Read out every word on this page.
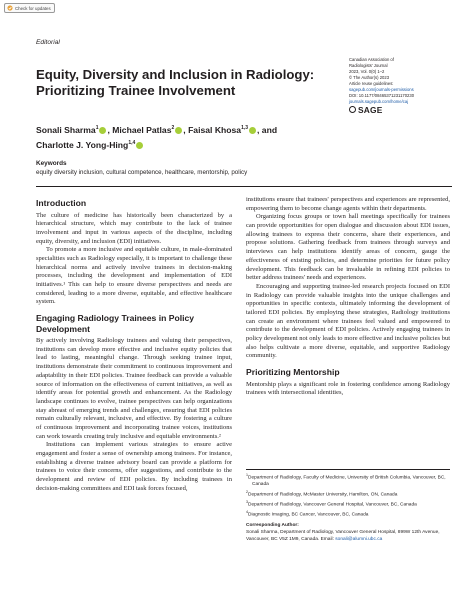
Check for updates
Editorial
Equity, Diversity and Inclusion in Radiology:
Prioritizing Trainee Involvement
Canadian Association of
Radiologists' Journal
2023, Vol. 0(0) 1–2
© The Author(s) 2023
Article reuse guidelines:
sagepub.com/journals-permissions
DOI: 10.1177/08465371231170230
journals.sagepub.com/home/caj
SAGE
Sonali Sharma$^1$ , Michael Patlas$^2$ , Faisal Khosa$^{1,3}$ , and
Charlotte J. Yong-Hing$^{1,4}$
Keywords
equity diversity inclusion, cultural competence, healthcare, mentorship, policy
Introduction

The culture of medicine has historically been characterized by a hierarchical structure, which may contribute to the lack of trainee involvement and input in various aspects of the discipline, including equity, diversity, and inclusion (EDI) initiatives.

To promote a more inclusive and equitable culture, in male-dominated specialities such as Radiology especially, it is important to challenge these hierarchical norms and actively involve trainees in decision-making processes, including the development and implementation of EDI initiatives.¹ This can help to ensure diverse perspectives and needs are considered, leading to a more diverse, equitable, and effective healthcare system.

Engaging Radiology Trainees in Policy Development

By actively involving Radiology trainees and valuing their perspectives, institutions can develop more effective and inclusive equity policies that lead to lasting, meaningful change. Through seeking trainee input, institutions demonstrate their commitment to continuous improvement and adaptability in their EDI policies. Trainee feedback can provide a valuable source of information on the effectiveness of current initiatives, as well as identify areas for potential growth and enhancement. As the Radiology landscape continues to evolve, trainee perspectives can help organizations stay abreast of emerging trends and challenges, ensuring that EDI policies remain culturally relevant, inclusive, and effective. By fostering a culture of continuous improvement and incorporating trainee voices, institutions can work towards creating truly inclusive and equitable environments.²

Institutions can implement various strategies to ensure active engagement and foster a sense of ownership among trainees. For instance, establishing a diverse trainee advisory board can provide a platform for trainees to voice their concerns, offer suggestions, and contribute to the development and review of EDI policies. By including trainees in decision-making committees and EDI task forces focused,

institutions ensure that trainees' perspectives and experiences are represented, empowering them to become change agents within their departments.

Organizing focus groups or town hall meetings specifically for trainees can provide opportunities for open dialogue and discussion about EDI issues, allowing trainees to express their concerns, share their experiences, and propose solutions. Gathering feedback from trainees through surveys and interviews can help institutions identify areas of concern, gauge the effectiveness of existing policies, and determine priorities for future policy development. This feedback can be invaluable in refining EDI policies to better address trainees' needs and experiences.

Encouraging and supporting trainee-led research projects focused on EDI in Radiology can provide valuable insights into the unique challenges and opportunities in specific contexts, ultimately informing the development of tailored EDI policies. By employing these strategies, Radiology institutions can create an environment where trainees feel valued and empowered to contribute to the development of EDI policies. Actively engaging trainees in policy development not only leads to more effective and inclusive policies but also helps cultivate a more diverse, equitable, and supportive Radiology community.

Prioritizing Mentorship

Mentorship plays a significant role in fostering confidence among Radiology trainees with intersectional identities,

$^1$Department of Radiology, Faculty of Medicine, University of British Columbia, Vancouver, BC, Canada
$^2$Department of Radiology, McMaster University, Hamilton, ON, Canada
$^3$Department of Radiology, Vancouver General Hospital, Vancouver, BC, Canada
$^4$Diagnostic Imaging, BC Cancer, Vancouver, BC, Canada
Corresponding Author:
Sonali Sharma, Department of Radiology, Vancouver General Hospital, 899W 12th Avenue, Vancouver, BC V5Z 1M9, Canada. Email: sonali@alumni.ubc.ca
